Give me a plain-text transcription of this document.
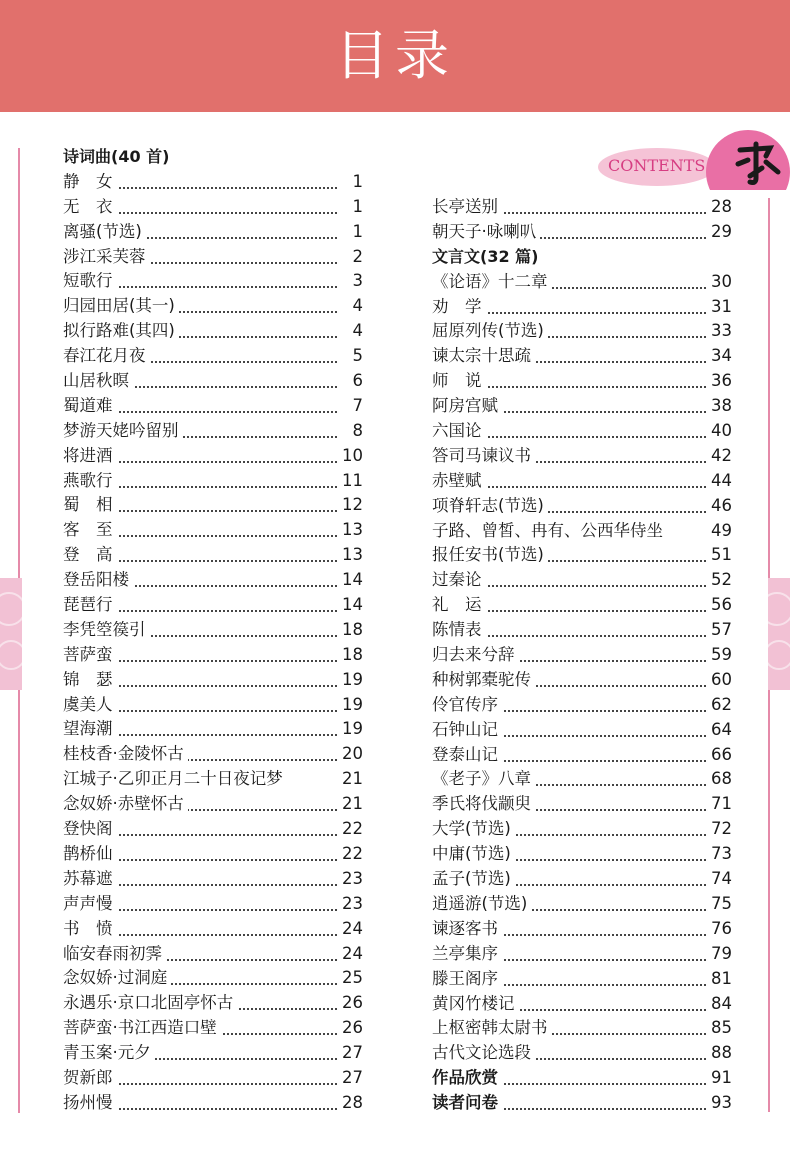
目录
CONTENTS
诗词曲(40 首)
静　女	1
无　衣	1
离骚(节选)	1
涉江采芙蓉	2
短歌行	3
归园田居(其一)	4
拟行路难(其四)	4
春江花月夜	5
山居秋暝	6
蜀道难	7
梦游天姥吟留别	8
将进酒	10
燕歌行	11
蜀　相	12
客　至	13
登　高	13
登岳阳楼	14
琵琶行	14
李凭箜篌引	18
菩萨蛮	18
锦　瑟	19
虞美人	19
望海潮	19
桂枝香·金陵怀古	20
江城子·乙卯正月二十日夜记梦	21
念奴娇·赤壁怀古	21
登快阁	22
鹊桥仙	22
苏幕遮	23
声声慢	23
书　愤	24
临安春雨初霁	24
念奴娇·过洞庭	25
永遇乐·京口北固亭怀古	26
菩萨蛮·书江西造口壁	26
青玉案·元夕	27
贺新郎	27
扬州慢	28
长亭送别	28
朝天子·咏喇叭	29
文言文(32 篇)
《论语》十二章	30
劝　学	31
屈原列传(节选)	33
谏太宗十思疏	34
师　说	36
阿房宫赋	38
六国论	40
答司马谏议书	42
赤壁赋	44
项脊轩志(节选)	46
子路、曾皙、冉有、公西华侍坐	49
报任安书(节选)	51
过秦论	52
礼　运	56
陈情表	57
归去来兮辞	59
种树郭橐驼传	60
伶官传序	62
石钟山记	64
登泰山记	66
《老子》八章	68
季氏将伐颛臾	71
大学(节选)	72
中庸(节选)	73
孟子(节选)	74
逍遥游(节选)	75
谏逐客书	76
兰亭集序	79
滕王阁序	81
黄冈竹楼记	84
上枢密韩太尉书	85
古代文论选段	88
作品欣赏	91
读者问卷	93
